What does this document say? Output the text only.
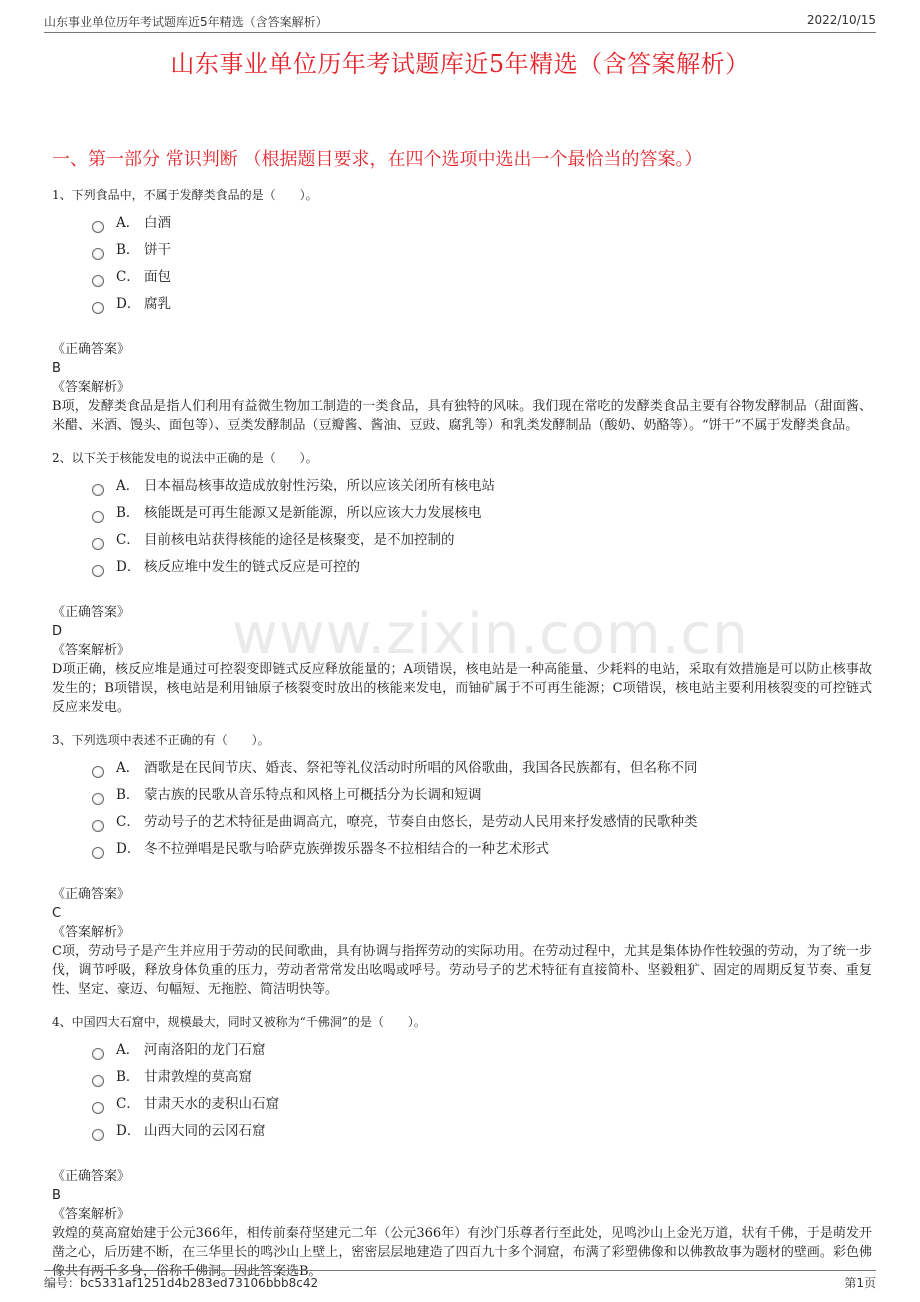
山东事业单位历年考试题库近5年精选（含答案解析）	2022/10/15
山东事业单位历年考试题库近5年精选（含答案解析）
一、第一部分 常识判断 （根据题目要求，在四个选项中选出一个最恰当的答案。）
www.zixin.com.cn
1、下列食品中，不属于发酵类食品的是（　　）。
A． 白酒
B． 饼干
C． 面包
D． 腐乳
《正确答案》
B
《答案解析》
B项，发酵类食品是指人们利用有益微生物加工制造的一类食品，具有独特的风味。我们现在常吃的发酵类食品主要有谷物发酵制品（甜面酱、米醋、米酒、馒头、面包等）、豆类发酵制品（豆瓣酱、酱油、豆豉、腐乳等）和乳类发酵制品（酸奶、奶酪等）。“饼干”不属于发酵类食品。
2、以下关于核能发电的说法中正确的是（　　）。
A． 日本福岛核事故造成放射性污染，所以应该关闭所有核电站
B． 核能既是可再生能源又是新能源，所以应该大力发展核电
C． 目前核电站获得核能的途径是核聚变，是不加控制的
D． 核反应堆中发生的链式反应是可控的
《正确答案》
D
《答案解析》
D项正确，核反应堆是通过可控裂变即链式反应释放能量的；A项错误，核电站是一种高能量、少耗料的电站，采取有效措施是可以防止核事故发生的；B项错误，核电站是利用铀原子核裂变时放出的核能来发电，而铀矿属于不可再生能源；C项错误，核电站主要利用核裂变的可控链式反应来发电。
3、下列选项中表述不正确的有（　　）。
A． 酒歌是在民间节庆、婚丧、祭祀等礼仪活动时所唱的风俗歌曲，我国各民族都有，但名称不同
B． 蒙古族的民歌从音乐特点和风格上可概括分为长调和短调
C． 劳动号子的艺术特征是曲调高亢，嘹亮，节奏自由悠长，是劳动人民用来抒发感情的民歌种类
D． 冬不拉弹唱是民歌与哈萨克族弹拨乐器冬不拉相结合的一种艺术形式
《正确答案》
C
《答案解析》
C项，劳动号子是产生并应用于劳动的民间歌曲，具有协调与指挥劳动的实际功用。在劳动过程中，尤其是集体协作性较强的劳动，为了统一步伐，调节呼吸，释放身体负重的压力，劳动者常常发出吆喝或呼号。劳动号子的艺术特征有直接简朴、坚毅粗犷、固定的周期反复节奏、重复性、坚定、豪迈、句幅短、无拖腔、简洁明快等。
4、中国四大石窟中，规模最大，同时又被称为“千佛洞”的是（　　）。
A． 河南洛阳的龙门石窟
B． 甘肃敦煌的莫高窟
C． 甘肃天水的麦积山石窟
D． 山西大同的云冈石窟
《正确答案》
B
《答案解析》
敦煌的莫高窟始建于公元366年，相传前秦苻坚建元二年（公元366年）有沙门乐尊者行至此处，见鸣沙山上金光万道，状有千佛，于是萌发开凿之心，后历建不断，在三华里长的鸣沙山上壁上，密密层层地建造了四百九十多个洞窟，布满了彩塑佛像和以佛教故事为题材的壁画。彩色佛像共有两千多身，俗称千佛洞。因此答案选B。
编号：bc5331af1251d4b283ed73106bbb8c42	第1页
